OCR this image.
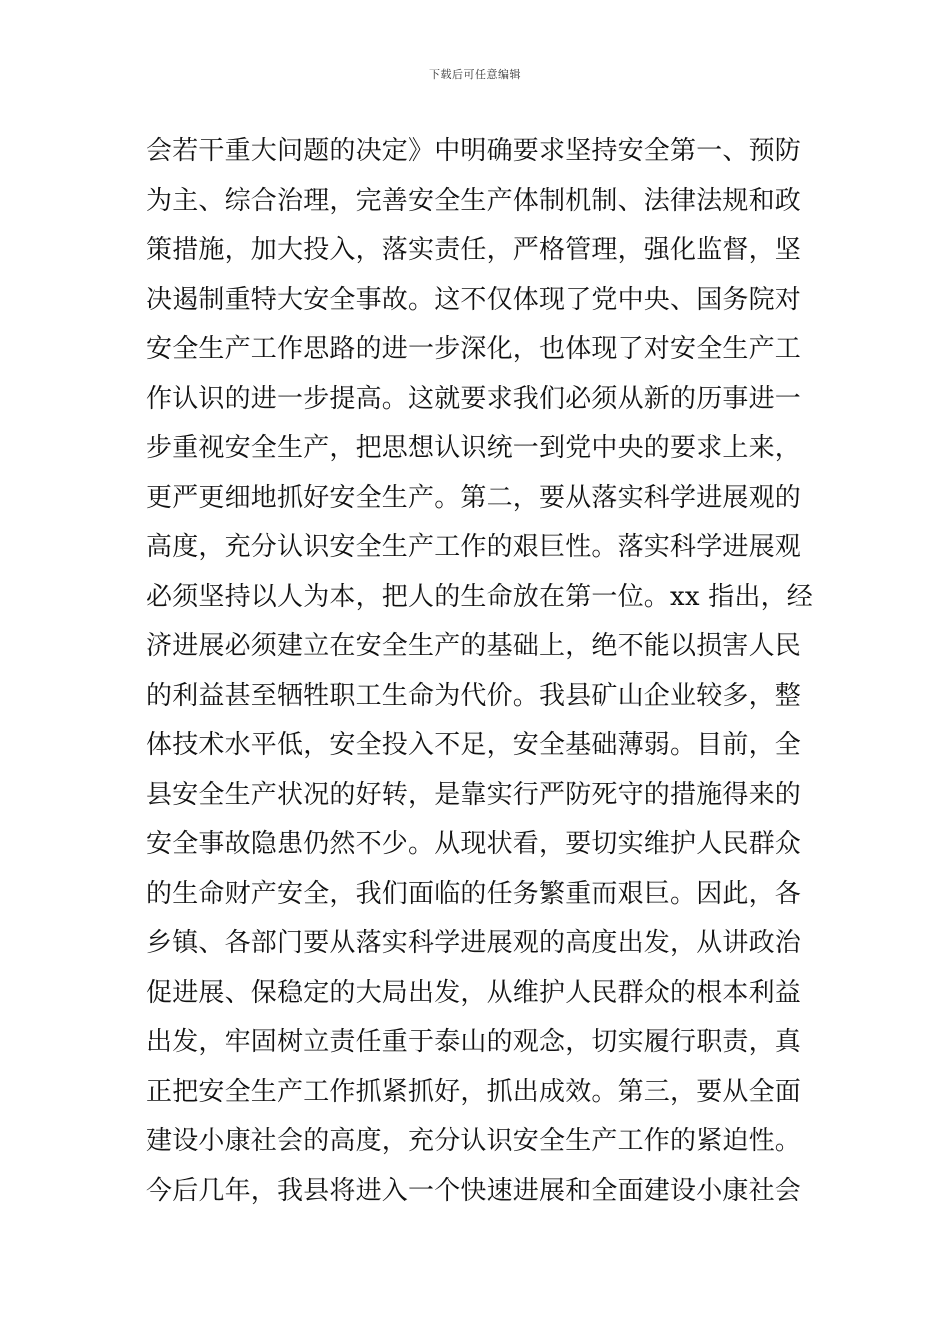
下载后可任意编辑
会若干重大问题的决定》中明确要求坚持安全第一、预防
为主、综合治理，完善安全生产体制机制、法律法规和政
策措施，加大投入，落实责任，严格管理，强化监督，坚
决遏制重特大安全事故。这不仅体现了党中央、国务院对
安全生产工作思路的进一步深化，也体现了对安全生产工
作认识的进一步提高。这就要求我们必须从新的历事进一
步重视安全生产，把思想认识统一到党中央的要求上来，
更严更细地抓好安全生产。第二，要从落实科学进展观的
高度，充分认识安全生产工作的艰巨性。落实科学进展观
必须坚持以人为本，把人的生命放在第一位。xx 指出，经
济进展必须建立在安全生产的基础上，绝不能以损害人民
的利益甚至牺牲职工生命为代价。我县矿山企业较多，整
体技术水平低，安全投入不足，安全基础薄弱。目前，全
县安全生产状况的好转，是靠实行严防死守的措施得来的
安全事故隐患仍然不少。从现状看，要切实维护人民群众
的生命财产安全，我们面临的任务繁重而艰巨。因此，各
乡镇、各部门要从落实科学进展观的高度出发，从讲政治
促进展、保稳定的大局出发，从维护人民群众的根本利益
出发，牢固树立责任重于泰山的观念，切实履行职责，真
正把安全生产工作抓紧抓好，抓出成效。第三，要从全面
建设小康社会的高度，充分认识安全生产工作的紧迫性。
今后几年，我县将进入一个快速进展和全面建设小康社会
